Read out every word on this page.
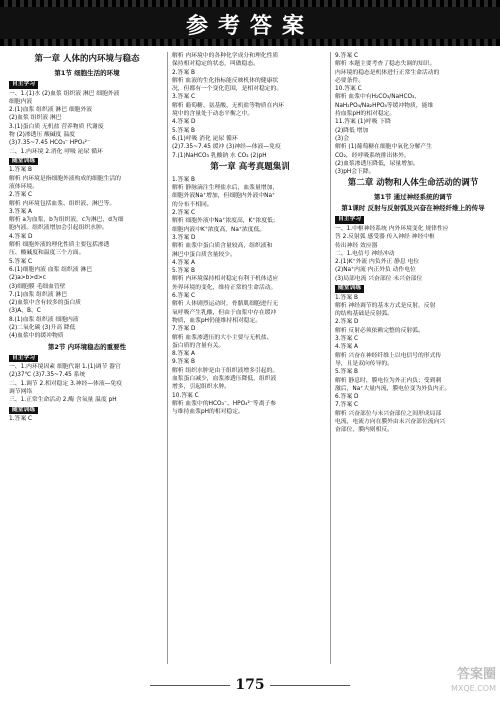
参考答案
第一章 人体的内环境与稳态
第1节 细胞生活的环境
自主学习
一、1.(1)水 (2)血浆 组织液 淋巴 细胞外液
细胞内液
2.(1)血浆 组织液 淋巴 细胞外液
(2)血浆 组织液 淋巴
3.(1)蛋白质 无机盐 营养物质 代谢废
物 (2)渗透压 酸碱度 温度
(3)7.35~7.45 HCO₃⁻ HPO₄²⁻
二、1.内环境 2.消化 呼吸 泌尿 循环
随堂训练
1.答案 B
解析 内环境是指细胞外液构成的细胞生活的
液体环境。
2.答案 C
解析 内环境包括血浆、组织液、淋巴等。
3.答案 A
解析 a为血浆，b为组织液，c为淋巴，d为细
胞内液。组织液增加会引起组织水肿。
4.答案 D
解析 细胞外液的理化性质主要包括渗透
压、酸碱度和温度三个方面。
5.答案 C
6.(1)细胞内液 血浆 组织液 淋巴
(2)a>b>d>c
(3)细胞膜 毛细血管壁
7.(1)血浆 组织液 淋巴
(2)血浆中含有较多的蛋白质
(3)A、B、C
8.(1)血浆 组织液 细胞内液
(2)二氧化碳 (3)升高 降低
(4)血浆中的缓冲物质
第2节 内环境稳态的重要性
自主学习
一、1.内环境因素 细胞代谢 1.(1)调节 器官
(2)37℃ (3)7.35~7.45 系统
二、1.调节 2.相对稳定 3.神经—体液—免疫
调节网络
三、1.正常生命活动 2.酶 含氧量 温度 pH
随堂训练
1.答案 C
解析 内环境中的各种化学成分和理化性质
保持相对稳定的状态，叫做稳态。
2.答案 B
解析 血液的生化指标能反映机体的健康状
况，但都有一个变化范围，是相对稳定的。
3.答案 C
解析 葡萄糖、氨基酸、无机盐等物质在内环
境中的含量处于动态平衡之中。
4.答案 D
5.答案 B
6.(1)呼吸 消化 泌尿 循环
(2)7.35~7.45 缓冲 (3)神经—体液—免疫
7.(1)NaHCO₃ 乳酸钠 水 CO₂ (2)pH
第一章 高考真题集训
1.答案 B
解析 静脉滴注生理盐水后，血浆量增加，
细胞外液Na⁺增加，但细胞内外液中Na⁺
的分布不相同。
2.答案 C
解析 细胞外液中Na⁺浓度高，K⁺浓度低；
细胞内液中K⁺浓度高，Na⁺浓度低。
3.答案 D
解析 血浆中蛋白质含量较高，组织液和
淋巴中蛋白质含量较少。
4.答案 A
5.答案 B
解析 内环境保持相对稳定有利于机体适应
外界环境的变化，维持正常的生命活动。
6.答案 C
解析 人体剧烈运动时，骨骼肌细胞进行无
氧呼吸产生乳酸，但由于血浆中存在缓冲
物质，血浆pH仍能维持相对稳定。
7.答案 D
解析 血浆渗透压的大小主要与无机盐、
蛋白质的含量有关。
8.答案 A
9.答案 B
解析 组织水肿是由于组织液增多引起的。
血浆蛋白减少，血浆渗透压降低，组织液
增多，引起组织水肿。
10.答案 C
解析 血浆中的HCO₃⁻、HPO₄²⁻等离子参
与维持血浆pH的相对稳定。
9.答案 C
解析 本题主要考查了稳态失调的知识。
内环境的稳态是机体进行正常生命活动的
必要条件。
10.答案 C
解析 血浆中有H₂CO₃/NaHCO₃、
NaH₂PO₄/Na₂HPO₄等缓冲物质，能维
持血浆pH的相对稳定。
11.答案 (1)呼吸 下降
(2)降低 增加
(3)会
解析 (1)葡萄糖在细胞中氧化分解产生
CO₂，经呼吸系统排出体外。
(2)血浆渗透压降低，尿量增加。
(3)pH会下降。
第二章 动物和人体生命活动的调节
第1节 通过神经系统的调节
第1课时 反射与反射弧及兴奋在神经纤维上的传导
自主学习
一、1.中枢神经系统 内外环境变化 规律性应
答 2.反射弧 感受器 传入神经 神经中枢
传出神经 效应器
二、1.电信号 神经冲动
2.(1)K⁺外流 内负外正 静息 电位
(2)Na⁺内流 内正外负 动作电位
(3)局部电流 兴奋部位 未兴奋部位
随堂训练
1.答案 B
解析 神经调节的基本方式是反射，反射
的结构基础是反射弧。
2.答案 D
解析 反射必须依赖完整的反射弧。
3.答案 C
4.答案 A
解析 兴奋在神经纤维上以电信号的形式传
导，且是双向传导的。
5.答案 B
解析 静息时，膜电位为外正内负；受到刺
激后，Na⁺大量内流，膜电位变为外负内正。
6.答案 D
7.答案 C
解析 兴奋部位与未兴奋部位之间形成局部
电流，电流方向在膜外由未兴奋部位流向兴
奋部位，膜内则相反。
175
答案圈
MXQE.COM
